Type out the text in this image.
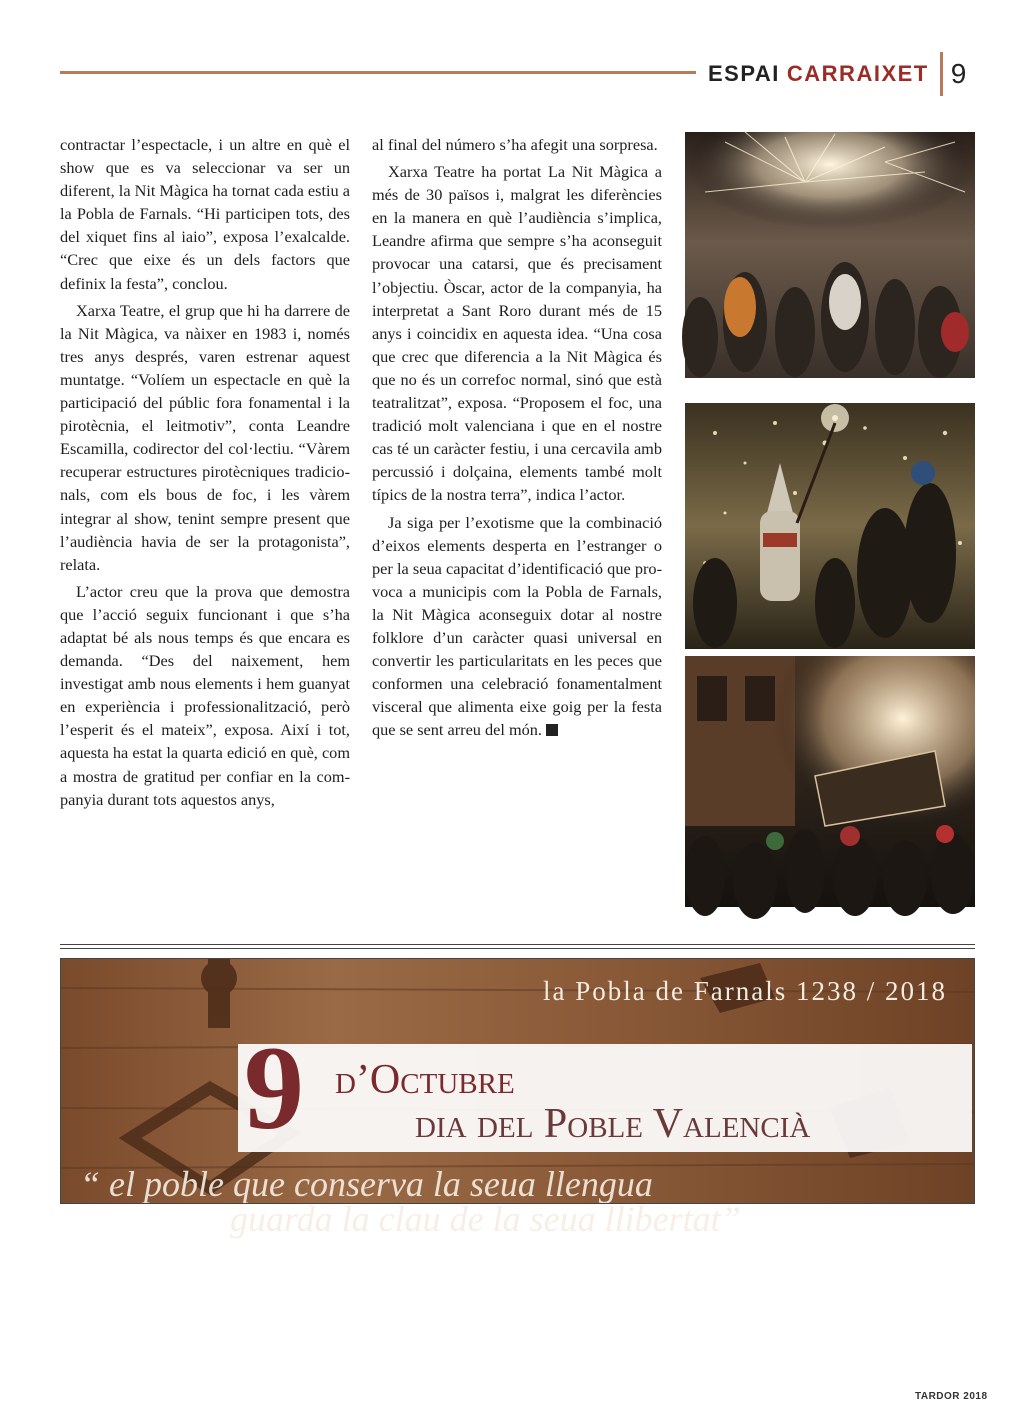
ESPAI CARRAIXET 9

contractar l’espectacle, i un altre en què el show que es va seleccionar va ser un diferent, la Nit Màgica ha tornat cada estiu a la Pobla de Farnals. “Hi participen tots, des del xiquet fins al iaio”, exposa l’exalcalde. “Crec que eixe és un dels factors que definix la festa”, conclou.

Xarxa Teatre, el grup que hi ha darrere de la Nit Màgica, va nàixer en 1983 i, només tres anys després, varen estrenar aquest muntatge. “Volíem un espectacle en què la participació del públic fora fonamental i la pirotècnia, el leitmotiv”, conta Leandre Escamilla, codirector del col·lectiu. “Vàrem recuperar estructures pirotècniques tradicionals, com els bous de foc, i les vàrem integrar al show, tenint sempre present que l’audiència havia de ser la protagonista”, relata.

L’actor creu que la prova que demostra que l’acció seguix funcionant i que s’ha adaptat bé als nous temps és que encara es demanda. “Des del naixement, hem investigat amb nous elements i hem guanyat en experiència i professionalització, però l’esperit és el mateix”, exposa. Així i tot, aquesta ha estat la quarta edició en què, com a mostra de gratitud per confiar en la companyia durant tots aquestos anys,

al final del número s’ha afegit una sorpresa.

Xarxa Teatre ha portat La Nit Màgica a més de 30 països i, malgrat les diferències en la manera en què l’audiència s’implica, Leandre afirma que sempre s’ha aconseguit provocar una catarsi, que és precisament l’objectiu. Òscar, actor de la companyia, ha interpretat a Sant Roro durant més de 15 anys i coincidix en aquesta idea. “Una cosa que crec que diferencia a la Nit Màgica és que no és un correfoc normal, sinó que està teatralitzat”, exposa. “Proposem el foc, una tradició molt valenciana i que en el nostre cas té un caràcter festiu, i una cercavila amb percussió i dolçaina, elements també molt típics de la nostra terra”, indica l’actor.

Ja siga per l’exotisme que la combinació d’eixos elements desperta en l’estranger o per la seua capacitat d’identificació que provoca a municipis com la Pobla de Farnals, la Nit Màgica aconseguix dotar al nostre folklore d’un caràcter quasi universal en convertir les particularitats en les peces que conformen una celebració fonamentalment visceral que alimenta eixe goig per la festa que se sent arreu del món.

la Pobla de Farnals 1238 / 2018
9 d’Octubre
dia del Poble Valencià
“ el poble que conserva la seua llengua
guarda la clau de la seua llibertat”
TARDOR 2018
